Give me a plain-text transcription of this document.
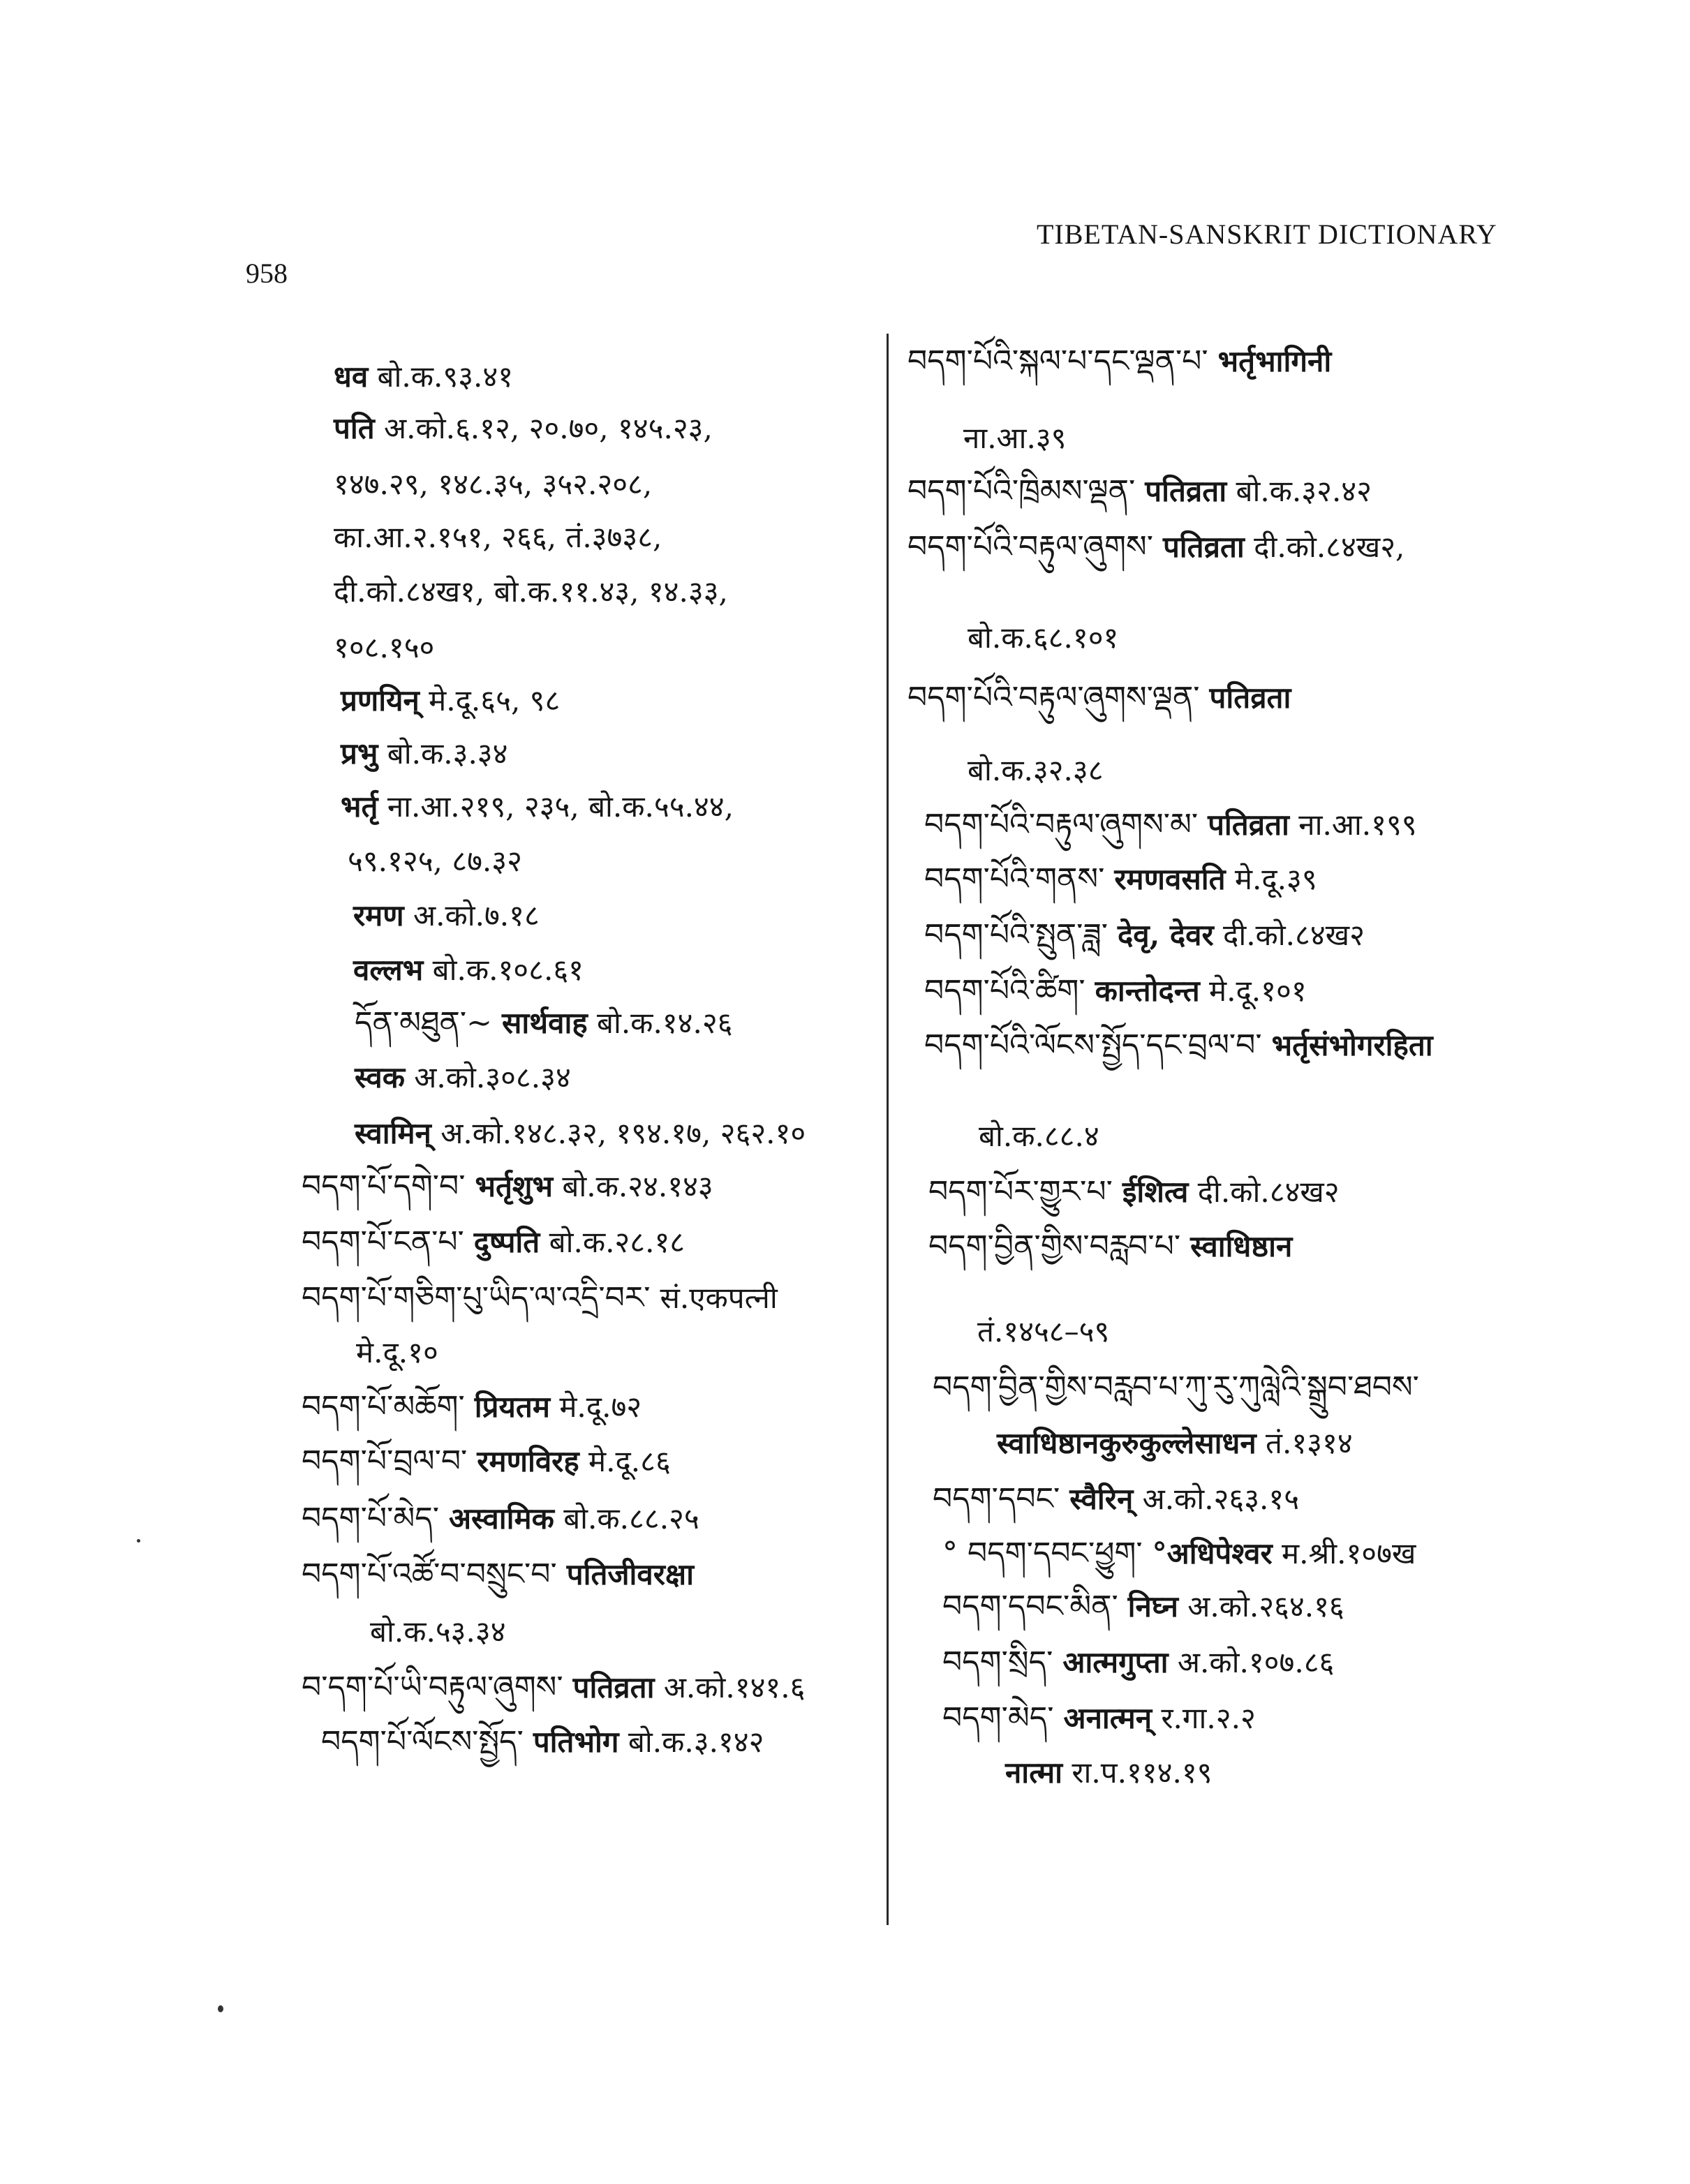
958
TIBETAN-SANSKRIT DICTIONARY
धव बो.क.९३.४१
पति अ.को.६.१२, २०.७०, १४५.२३,
१४७.२९, १४८.३५, ३५२.२०८,
का.आ.२.१५१, २६६, तं.३७३८,
दी.को.८४ख१, बो.क.११.४३, १४.३३,
१०८.१५०
प्रणयिन् मे.दू.६५, ९८
प्रभु बो.क.३.३४
भर्तृ ना.आ.२१९, २३५, बो.क.५५.४४,
५९.१२५, ८७.३२
रमण अ.को.७.१८
वल्लभ बो.क.१०८.६१
དོན་མཐུན་~ सार्थवाह बो.क.१४.२६
स्वक अ.को.३०८.३४
स्वामिन् अ.को.१४८.३२, १९४.१७, २६२.१०
བདག་པོ་དགེ་བ་ भर्तृशुभ बो.क.२४.१४३
བདག་པོ་ངན་པ་ दुष्पति बो.क.२८.१८
བདག་པོ་གཅིག་པུ་ཡིད་ལ་འདྲི་བར་ सं.एकपत्नी
मे.दू.१०
བདག་པོ་མཆོག་ प्रियतम मे.दू.७२
བདག་པོ་བྲལ་བ་ रमणविरह मे.दू.८६
བདག་པོ་མེད་ अस्वामिक बो.क.८८.२५
བདག་པོ་འཚོ་བ་བསྲུང་བ་ पतिजीवरक्षा
बो.क.५३.३४
བ་དག་པོ་ཡི་བརྟུལ་ཞུགས་ पतिव्रता अ.को.१४१.६
བདག་པོ་ལོངས་སྤྱོད་ पतिभोग बो.क.३.१४२
བདག་པོའི་སྐལ་པ་དང་ལྡན་པ་ भर्तृभागिनी
ना.आ.३९
བདག་པོའི་ཁྲིམས་ལྡན་ पतिव्रता बो.क.३२.४२
བདག་པོའི་བརྟུལ་ཞུགས་ पतिव्रता दी.को.८४ख२,
बो.क.६८.१०१
བདག་པོའི་བརྟུལ་ཞུགས་ལྡན་ पतिव्रता
बो.क.३२.३८
བདག་པོའི་བརྟུལ་ཞུགས་མ་ पतिव्रता ना.आ.१९९
བདག་པོའི་གནས་ रमणवसति मे.दू.३९
བདག་པོའི་སྤུན་ཟླ་ देवृ, देवर दी.को.८४ख२
བདག་པོའི་ཚིག་ कान्तोदन्त मे.दू.१०१
བདག་པོའི་ལོངས་སྤྱོད་དང་བྲལ་བ་ भर्तृसंभोगरहिता
बो.क.८८.४
བདག་པོར་གྱུར་པ་ ईशित्व दी.को.८४ख२
བདག་བྱིན་གྱིས་བརླབ་པ་ स्वाधिष्ठान
तं.१४५८–५९
བདག་བྱིན་གྱིས་བརླབ་པ་ཀུ་རུ་ཀུལླེའི་སྒྲུབ་ཐབས་
स्वाधिष्ठानकुरुकुल्लेसाधन तं.१३१४
བདག་དབང་ स्वैरिन् अ.को.२६३.१५
° བདག་དབང་ཕྱུག་ °अधिपेश्वर म.श्री.१०७ख
བདག་དབང་མིན་ निघ्न अ.को.२६४.१६
བདག་སྲིད་ आत्मगुप्ता अ.को.१०७.८६
བདག་མེད་ अनात्मन् र.गा.२.२
नात्मा रा.प.११४.१९
